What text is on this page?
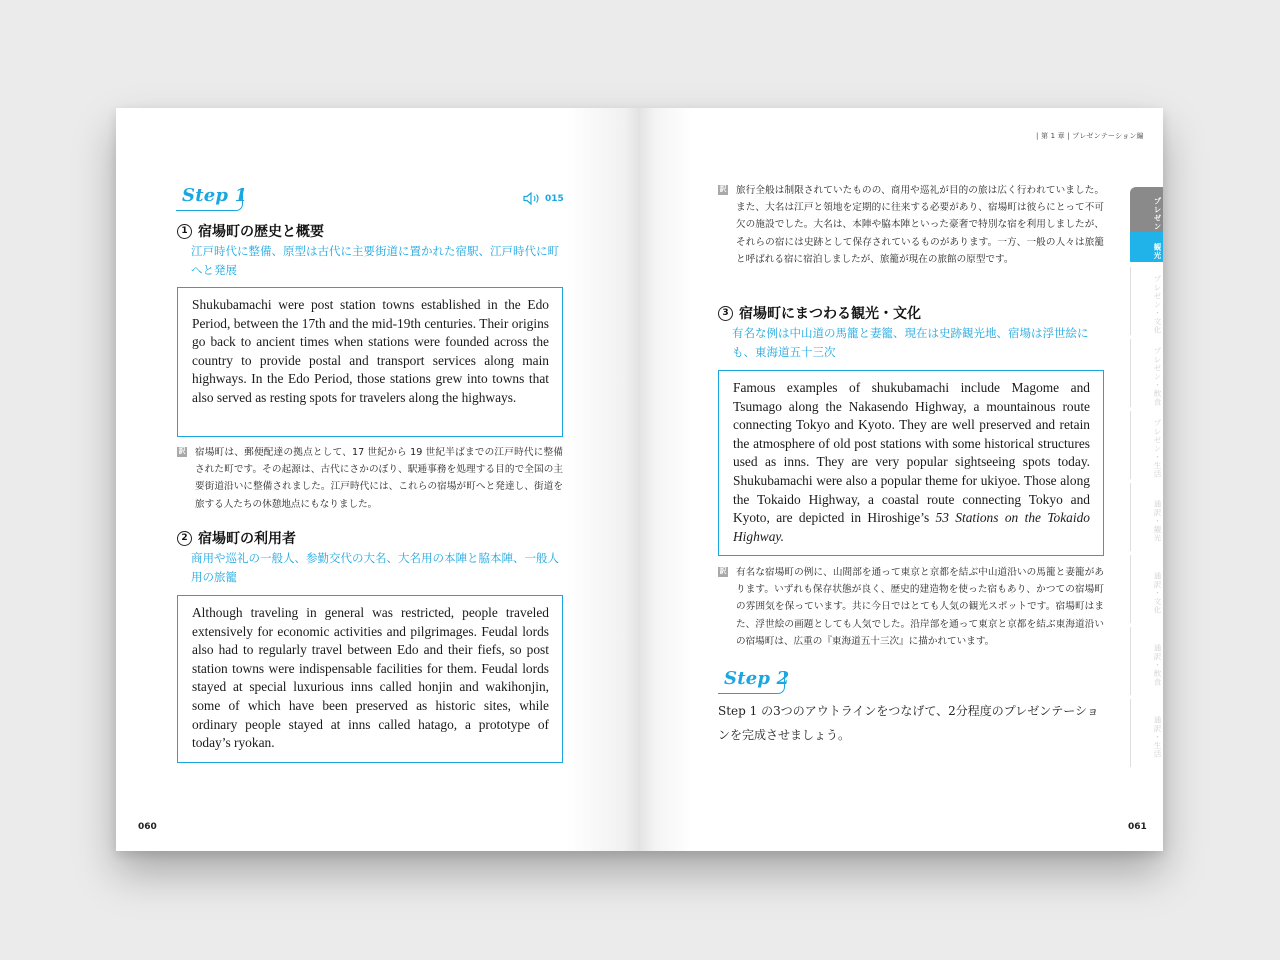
Step 1	015
1 宿場町の歴史と概要
江戸時代に整備、原型は古代に主要街道に置かれた宿駅、江戸時代に町へと発展
Shukubamachi were post station towns established in the Edo Period, between the 17th and the mid-19th centuries. Their origins go back to ancient times when stations were founded across the country to provide postal and transport services along main highways. In the Edo Period, those stations grew into towns that also served as resting spots for travelers along the highways.
訳 宿場町は、郵便配達の拠点として、17 世紀から 19 世紀半ばまでの江戸時代に整備された町です。その起源は、古代にさかのぼり、駅逓事務を処理する目的で全国の主要街道沿いに整備されました。江戸時代には、これらの宿場が町へと発達し、街道を旅する人たちの休憩地点にもなりました。
2 宿場町の利用者
商用や巡礼の一般人、参勤交代の大名、大名用の本陣と脇本陣、一般人用の旅籠
Although traveling in general was restricted, people traveled extensively for economic activities and pilgrimages. Feudal lords also had to regularly travel between Edo and their fiefs, so post station towns were indispensable facilities for them. Feudal lords stayed at special luxurious inns called honjin and wakihonjin, some of which have been preserved as historic sites, while ordinary people stayed at inns called hatago, a prototype of today’s ryokan.
060
| 第 1 章 | プレゼンテーション編
訳 旅行全般は制限されていたものの、商用や巡礼が目的の旅は広く行われていました。また、大名は江戸と領地を定期的に往来する必要があり、宿場町は彼らにとって不可欠の施設でした。大名は、本陣や脇本陣といった豪奢で特別な宿を利用しましたが、それらの宿には史跡として保存されているものがあります。一方、一般の人々は旅籠と呼ばれる宿に宿泊しましたが、旅籠が現在の旅館の原型です。
3 宿場町にまつわる観光・文化
有名な例は中山道の馬籠と妻籠、現在は史跡観光地、宿場は浮世絵にも、東海道五十三次
Famous examples of shukubamachi include Magome and Tsumago along the Nakasendo Highway, a mountainous route connecting Tokyo and Kyoto. They are well preserved and retain the atmosphere of old post stations with some historical structures used as inns. They are very popular sightseeing spots today. Shukubamachi were also a popular theme for ukiyoe. Those along the Tokaido Highway, a coastal route connecting Tokyo and Kyoto, are depicted in Hiroshige’s 53 Stations on the Tokaido Highway.
訳 有名な宿場町の例に、山間部を通って東京と京都を結ぶ中山道沿いの馬籠と妻籠があります。いずれも保存状態が良く、歴史的建造物を使った宿もあり、かつての宿場町の雰囲気を保っています。共に今日ではとても人気の観光スポットです。宿場町はまた、浮世絵の画題としても人気でした。沿岸部を通って東京と京都を結ぶ東海道沿いの宿場町は、広重の『東海道五十三次』に描かれています。
Step 2
Step 1 の3つのアウトラインをつなげて、2分程度のプレゼンテーションを完成させましょう。
061
プレゼン
観光
プレゼン・文化
プレゼン・飲食
プレゼン・生活
通訳・観光
通訳・文化
通訳・飲食
通訳・生活
